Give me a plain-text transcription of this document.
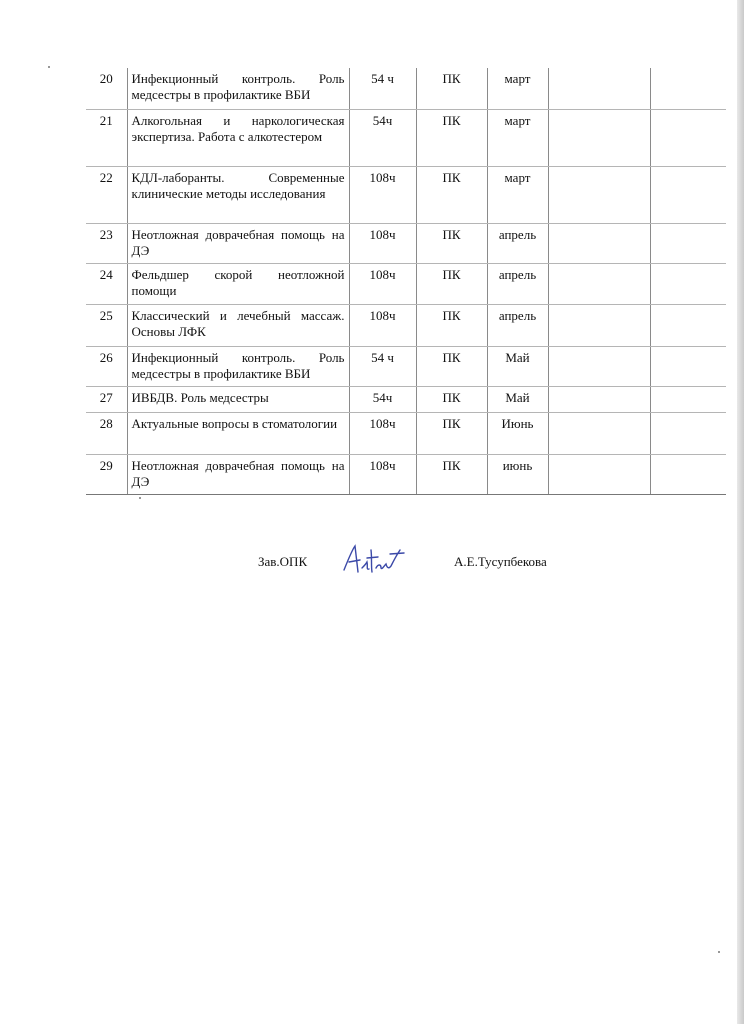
20	Инфекционный контроль. Роль медсестры в профилактике ВБИ	54 ч	ПК	март		
21	Алкогольная и наркологическая экспертиза. Работа с алкотестером	54ч	ПК	март		
22	КДЛ-лаборанты. Современные клинические методы исследования	108ч	ПК	март		
23	Неотложная доврачебная помощь на ДЭ	108ч	ПК	апрель		
24	Фельдшер скорой неотложной помощи	108ч	ПК	апрель		
25	Классический и лечебный массаж. Основы ЛФК	108ч	ПК	апрель		
26	Инфекционный контроль. Роль медсестры в профилактике ВБИ	54 ч	ПК	Май		
27	ИВБДВ. Роль медсестры	54ч	ПК	Май		
28	Актуальные вопросы в стоматологии	108ч	ПК	Июнь		
29	Неотложная доврачебная помощь на ДЭ	108ч	ПК	июнь		
Зав.ОПК	А.Е.Тусупбекова
